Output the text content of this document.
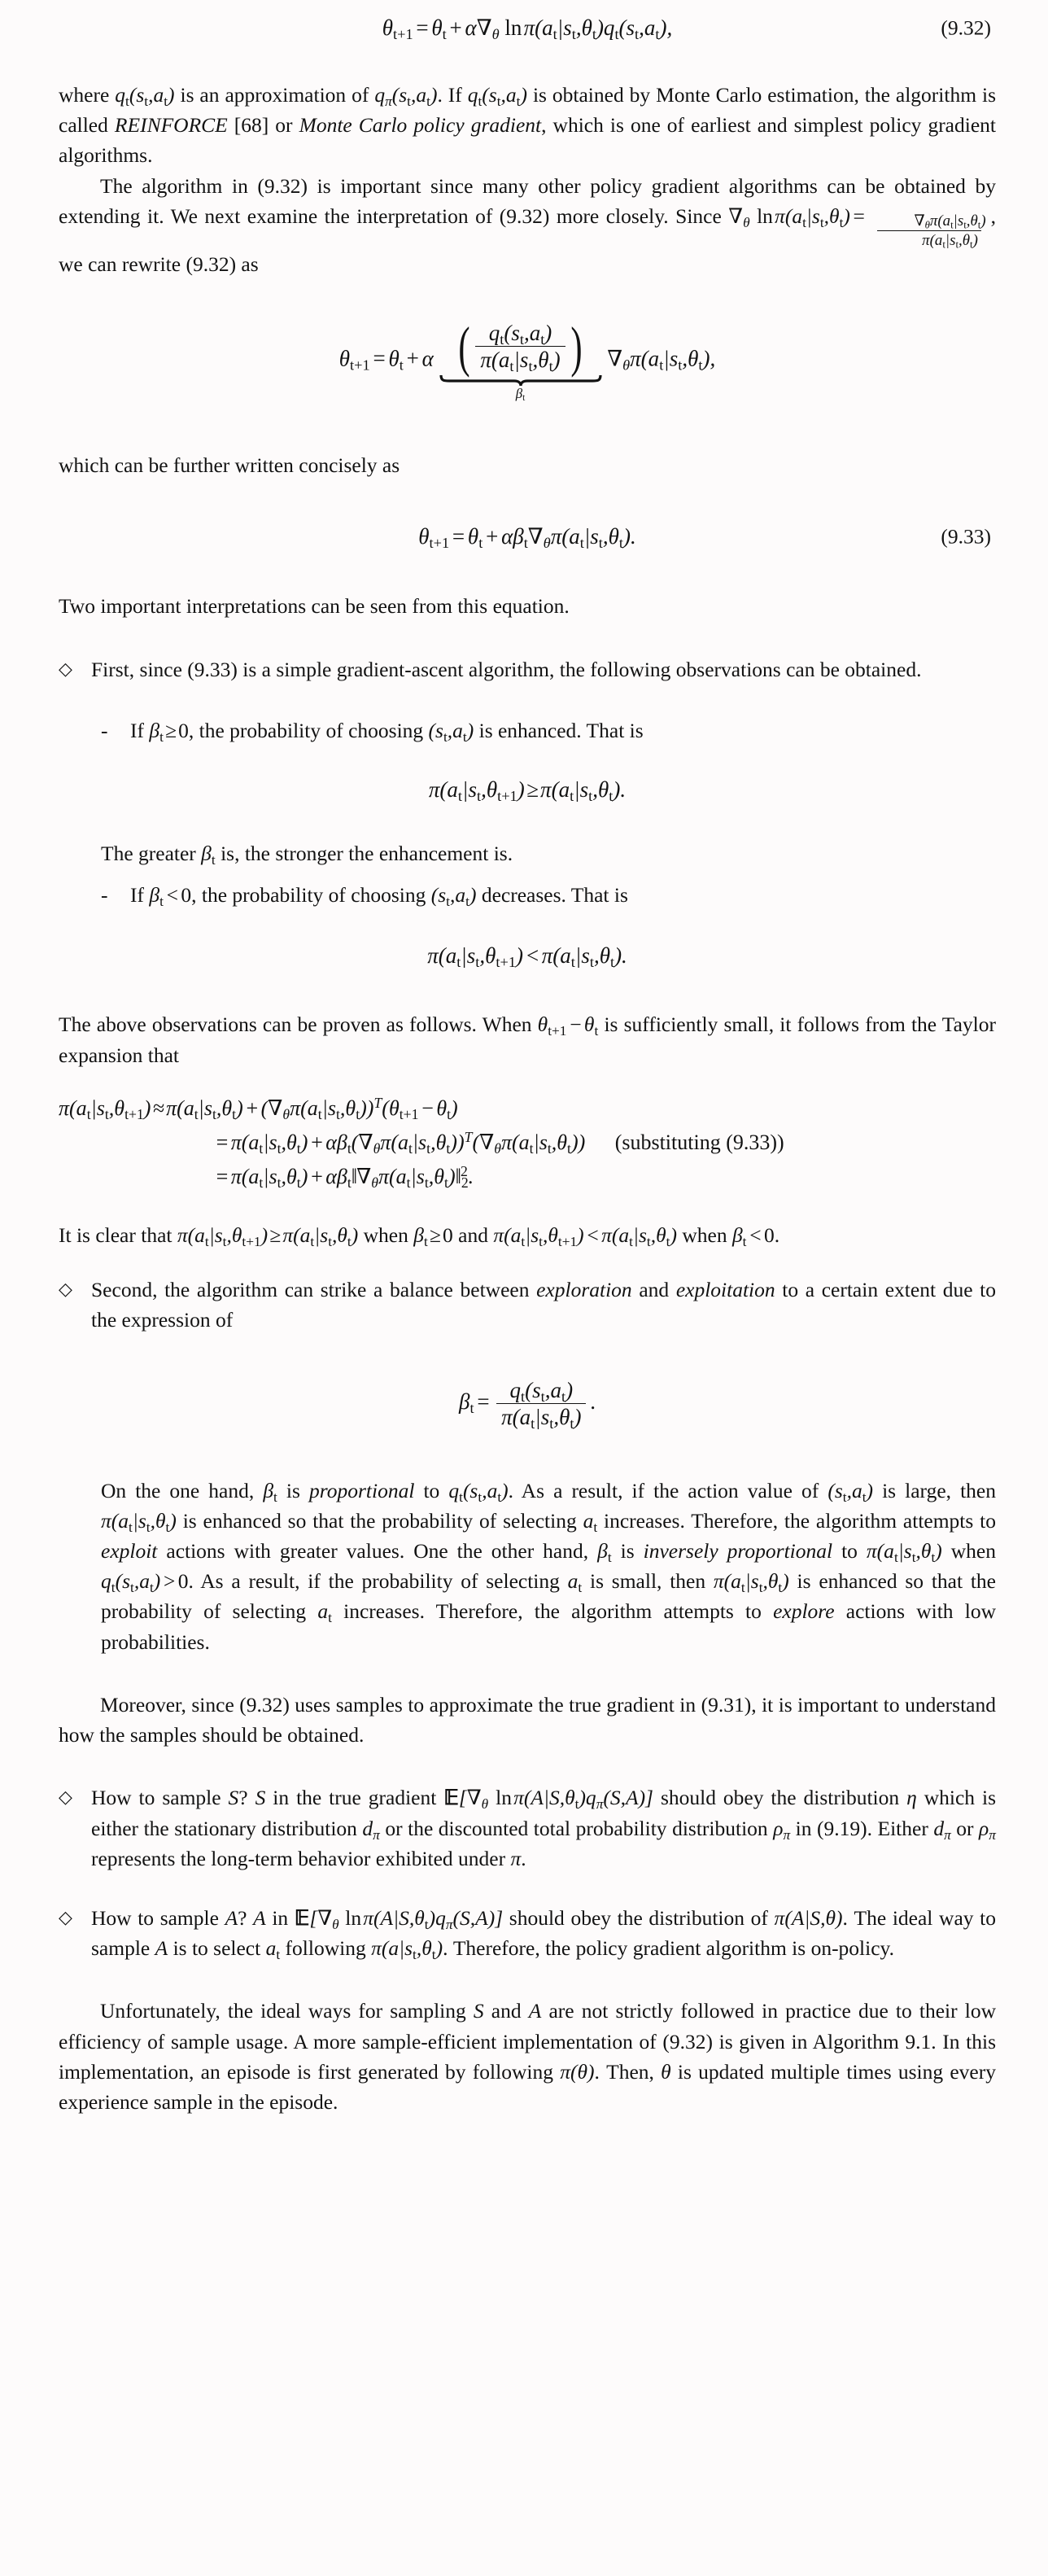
$\theta_{t+1} = \theta_t + \alpha\nabla_\theta$ ln $\pi(a_t|s_t,\theta_t)q_t(s_t,a_t)$,	(9.32)

where $q_t(s_t,a_t)$ is an approximation of $q_\pi(s_t,a_t)$. If $q_t(s_t,a_t)$ is obtained by Monte Carlo estimation, the algorithm is called REINFORCE [68] or Monte Carlo policy gradient, which is one of earliest and simplest policy gradient algorithms.

The algorithm in (9.32) is important since many other policy gradient algorithms can be obtained by extending it. We next examine the interpretation of (9.32) more closely. Since $\nabla_\theta$ ln $\pi(a_t|s_t,\theta_t) = \frac{\nabla_\theta\pi(a_t|s_t,\theta_t)}{\pi(a_t|s_t,\theta_t)}$ , we can rewrite (9.32) as

$\theta_{t+1} = \theta_t + \alpha$ ( $\frac{q_t(s_t,a_t)}{\pi(a_t|s_t,\theta_t)}$ )
$\beta_t$
$\nabla_\theta\pi(a_t|s_t,\theta_t)$,

which can be further written concisely as

$\theta_{t+1} = \theta_t + \alpha\beta_t\nabla_\theta\pi(a_t|s_t,\theta_t)$.	(9.33)

Two important interpretations can be seen from this equation.

◇ First, since (9.33) is a simple gradient-ascent algorithm, the following observations can be obtained.
-	If $\beta_t$ ≥ 0, the probability of choosing $(s_t,a_t)$ is enhanced. That is
$\pi(a_t|s_t,\theta_{t+1})$ ≥ $\pi(a_t|s_t,\theta_t)$.

The greater $\beta_t$ is, the stronger the enhancement is.

-	If $\beta_t$ < 0, the probability of choosing $(s_t,a_t)$ decreases. That is
$\pi(a_t|s_t,\theta_{t+1})$ < $\pi(a_t|s_t,\theta_t)$.

The above observations can be proven as follows. When $\theta_{t+1}$ − $\theta_t$ is sufficiently small, it follows from the Taylor expansion that

$\pi(a_t|s_t,\theta_{t+1})$ ≈ $\pi(a_t|s_t,\theta_t)$ + $(\nabla_\theta\pi(a_t|s_t,\theta_t))^T(\theta_{t+1}$ − $\theta_t$)
= $\pi(a_t|s_t,\theta_t)$ + $\alpha\beta_t(\nabla_\theta\pi(a_t|s_t,\theta_t))^T(\nabla_\theta\pi(a_t|s_t,\theta_t))$	(substituting (9.33))
= $\pi(a_t|s_t,\theta_t)$ + $\alpha\beta_t‖\nabla_\theta\pi(a_t|s_t,\theta_t)‖^2_2$.

It is clear that $\pi(a_t|s_t,\theta_{t+1})$ ≥ $\pi(a_t|s_t,\theta_t)$ when $\beta_t$ ≥ 0 and $\pi(a_t|s_t,\theta_{t+1})$ < $\pi(a_t|s_t,\theta_t)$ when $\beta_t$ < 0.

◇ Second, the algorithm can strike a balance between exploration and exploitation to a certain extent due to the expression of
$\beta_t = \frac{q_t(s_t,a_t)}{\pi(a_t|s_t,\theta_t)}$ .

On the one hand, $\beta_t$ is proportional to $q_t(s_t,a_t)$. As a result, if the action value of $(s_t,a_t)$ is large, then $\pi(a_t|s_t,\theta_t)$ is enhanced so that the probability of selecting $a_t$ increases. Therefore, the algorithm attempts to exploit actions with greater values. One the other hand, $\beta_t$ is inversely proportional to $\pi(a_t|s_t,\theta_t)$ when $q_t(s_t,a_t)$ > 0. As a result, if the probability of selecting $a_t$ is small, then $\pi(a_t|s_t,\theta_t)$ is enhanced so that the probability of selecting $a_t$ increases. Therefore, the algorithm attempts to explore actions with low probabilities.

Moreover, since (9.32) uses samples to approximate the true gradient in (9.31), it is important to understand how the samples should be obtained.

◇ How to sample S? S in the true gradient $𝔼[\nabla_\theta$ ln $\pi(A|S,\theta_t)q_\pi(S,A)$] should obey the distribution η which is either the stationary distribution $d_\pi$ or the discounted total probability distribution $\rho_\pi$ in (9.19). Either $d_\pi$ or $\rho_\pi$ represents the long-term behavior exhibited under π.
◇ How to sample A? A in $𝔼[\nabla_\theta$ ln $\pi(A|S,\theta_t)q_\pi(S,A)$] should obey the distribution of π(A|S,θ). The ideal way to sample A is to select $a_t$ following $\pi(a|s_t,\theta_t)$. Therefore, the policy gradient algorithm is on-policy.

Unfortunately, the ideal ways for sampling S and A are not strictly followed in practice due to their low efficiency of sample usage. A more sample-efficient implementation of (9.32) is given in Algorithm 9.1. In this implementation, an episode is first generated by following π(θ). Then, θ is updated multiple times using every experience sample in the episode.
